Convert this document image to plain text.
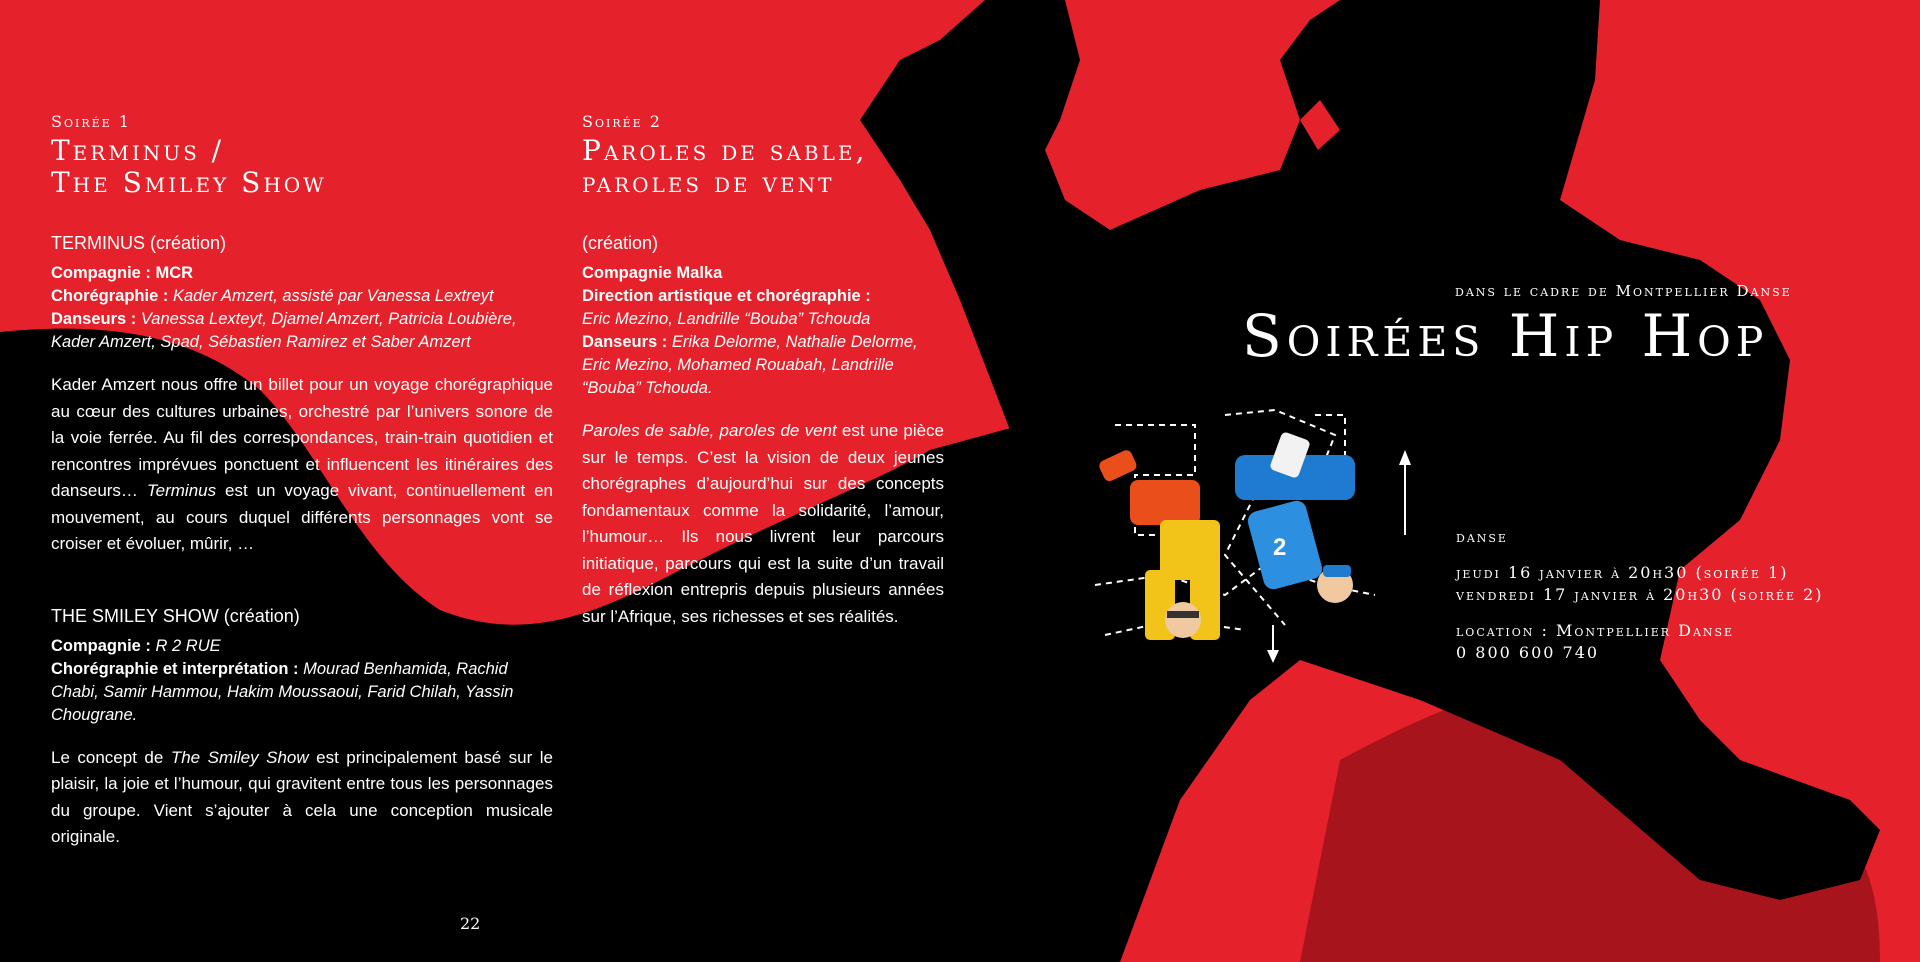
Soirée 1
Terminus /
The Smiley Show
TERMINUS (création)
Compagnie : MCR
Chorégraphie : Kader Amzert, assisté par Vanessa Lextreyt
Danseurs : Vanessa Lexteyt, Djamel Amzert, Patricia Loubière, Kader Amzert, Spad, Sébastien Ramirez et Saber Amzert
Kader Amzert nous offre un billet pour un voyage chorégraphique au cœur des cultures urbaines, orchestré par l’univers sonore de la voie ferrée. Au fil des correspondances, train-train quotidien et rencontres imprévues ponctuent et influencent les itinéraires des danseurs… Terminus est un voyage vivant, continuellement en mouvement, au cours duquel différents personnages vont se croiser et évoluer, mûrir, …
THE SMILEY SHOW (création)
Compagnie : R 2 RUE
Chorégraphie et interprétation : Mourad Benhamida, Rachid Chabi, Samir Hammou, Hakim Moussaoui, Farid Chilah, Yassin Chougrane.
Le concept de The Smiley Show est principalement basé sur le plaisir, la joie et l’humour, qui gravitent entre tous les personnages du groupe. Vient s’ajouter à cela une conception musicale originale.
Soirée 2
Paroles de sable,
paroles de vent
(création)
Compagnie Malka
Direction artistique et chorégraphie :
Eric Mezino, Landrille “Bouba” Tchouda
Danseurs : Erika Delorme, Nathalie Delorme, Eric Mezino, Mohamed Rouabah, Landrille “Bouba” Tchouda.
Paroles de sable, paroles de vent est une pièce sur le temps. C’est la vision de deux jeunes chorégraphes d’aujourd’hui sur des concepts fondamentaux comme la solidarité, l’amour, l’humour… Ils nous livrent leur parcours initiatique, parcours qui est la suite d’un travail de réflexion entrepris depuis plusieurs années sur l’Afrique, ses richesses et ses réalités.
22
dans le cadre de Montpellier Danse
Soirées Hip Hop
2	danse
jeudi 16 janvier à 20h30 (soirée 1)
vendredi 17 janvier à 20h30 (soirée 2)
location : Montpellier Danse
0 800 600 740
